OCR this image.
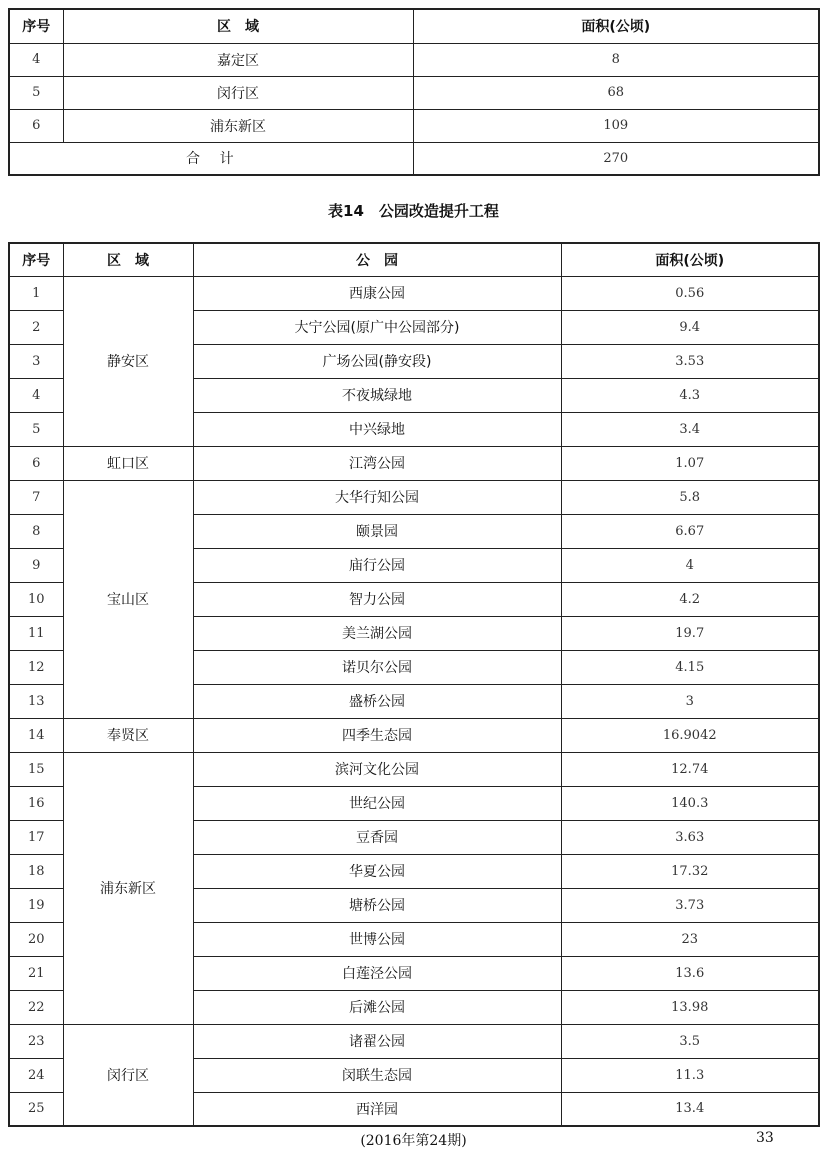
序号	区　域	面积(公顷)
4	嘉定区	8
5	闵行区	68
6	浦东新区	109
合　计		270
表14　公园改造提升工程
序号	区　域	公　园	面积(公顷)
1	静安区	西康公园	0.56
2		大宁公园(原广中公园部分)	9.4
3		广场公园(静安段)	3.53
4		不夜城绿地	4.3
5		中兴绿地	3.4
6	虹口区	江湾公园	1.07
7	宝山区	大华行知公园	5.8
8		颐景园	6.67
9		庙行公园	4
10		智力公园	4.2
11		美兰湖公园	19.7
12		诺贝尔公园	4.15
13		盛桥公园	3
14	奉贤区	四季生态园	16.9042
15	浦东新区	滨河文化公园	12.74
16		世纪公园	140.3
17		豆香园	3.63
18		华夏公园	17.32
19		塘桥公园	3.73
20		世博公园	23
21		白莲泾公园	13.6
22		后滩公园	13.98
23	闵行区	诸翟公园	3.5
24		闵联生态园	11.3
25		西洋园	13.4
(2016年第24期)	33
